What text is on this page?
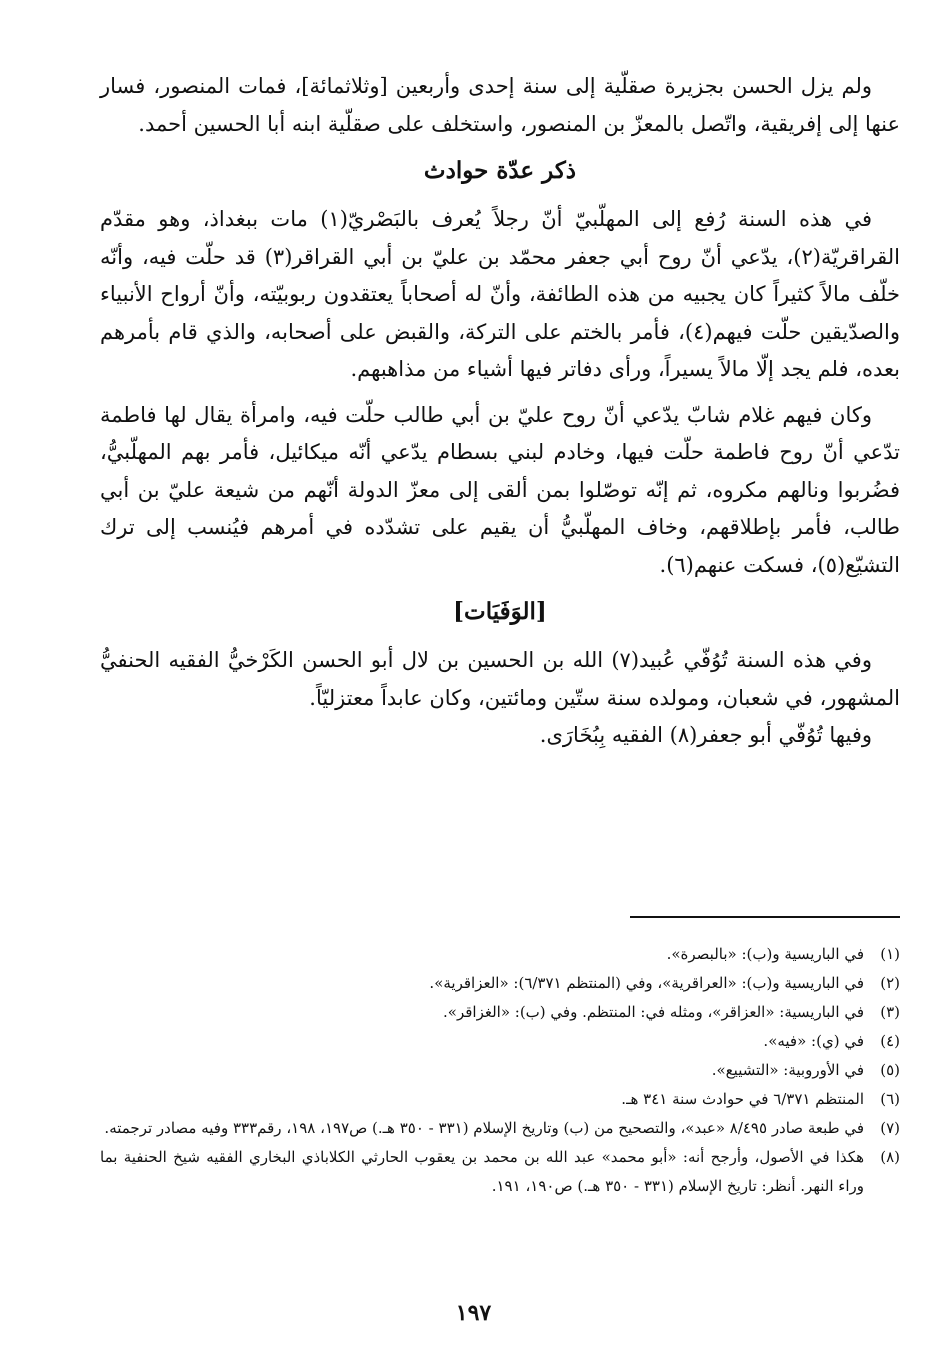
ولم يزل الحسن بجزيرة صقلّية إلى سنة إحدى وأربعين [وثلاثمائة]، فمات المنصور، فسار عنها إلى إفريقية، واتّصل بالمعزّ بن المنصور، واستخلف على صقلّية ابنه أبا الحسين أحمد.

ذكر عدّة حوادث

في هذه السنة رُفع إلى المهلّبيّ أنّ رجلاً يُعرف بالبَصْريّ(١) مات ببغداذ، وهو مقدّم القراقريّة(٢)، يدّعي أنّ روح أبي جعفر محمّد بن عليّ بن أبي القراقر(٣) قد حلّت فيه، وأنّه خلّف مالاً كثيراً كان يجبيه من هذه الطائفة، وأنّ له أصحاباً يعتقدون ربوبيّته، وأنّ أرواح الأنبياء والصدّيقين حلّت فيهم(٤)، فأمر بالختم على التركة، والقبض على أصحابه، والذي قام بأمرهم بعده، فلم يجد إلّا مالاً يسيراً، ورأى دفاتر فيها أشياء من مذاهبهم.

وكان فيهم غلام شابّ يدّعي أنّ روح عليّ بن أبي طالب حلّت فيه، وامرأة يقال لها فاطمة تدّعي أنّ روح فاطمة حلّت فيها، وخادم لبني بسطام يدّعي أنّه ميكائيل، فأمر بهم المهلّبيُّ، فضُربوا ونالهم مكروه، ثم إنّه توصّلوا بمن ألقى إلى معزّ الدولة أنّهم من شيعة عليّ بن أبي طالب، فأمر بإطلاقهم، وخاف المهلّبيُّ أن يقيم على تشدّده في أمرهم فيُنسب إلى ترك التشيّع(٥)، فسكت عنهم(٦).

[الوَفَيَات]

وفي هذه السنة تُوُفّي عُبيد(٧) الله بن الحسين بن لال أبو الحسن الكَرْخيُّ الفقيه الحنفيُّ المشهور، في شعبان، ومولده سنة ستّين ومائتين، وكان عابداً معتزليّاً.

وفيها تُوُفّي أبو جعفر(٨) الفقيه بِبُخَارَى.

(١)
في الباريسية و(ب): «بالبصرة».
(٢)
في الباريسية و(ب): «العراقرية»، وفي (المنتظم ٦/٣٧١): «العزاقرية».
(٣)
في الباريسية: «العزاقر»، ومثله في: المنتظم. وفي (ب): «الغزاقر».
(٤)
في (ي): «فيه».
(٥)
في الأوروبية: «التشييع».
(٦)
المنتظم ٦/٣٧١ في حوادث سنة ٣٤١ هـ.
(٧)
في طبعة صادر ٨/٤٩٥ «عبد»، والتصحيح من (ب) وتاريخ الإسلام (٣٣١ - ٣٥٠ هـ.) ص١٩٧، ١٩٨، رقم٣٣٣ وفيه مصادر ترجمته.
(٨)
هكذا في الأصول، وأرجح أنه: «أبو محمد» عبد الله بن محمد بن يعقوب الحارثي الكلاباذي البخاري الفقيه شيخ الحنفية بما وراء النهر. أنظر: تاريخ الإسلام (٣٣١ - ٣٥٠ هـ.) ص١٩٠، ١٩١.
١٩٧
